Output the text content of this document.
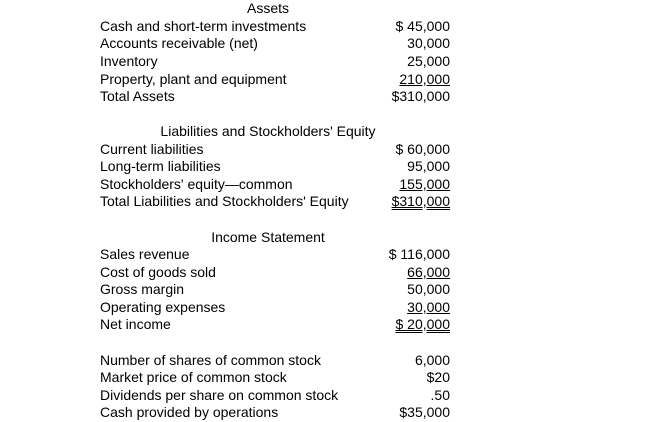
Assets
Cash and short-term investments	$ 45,000
Accounts receivable (net)	30,000
Inventory	25,000
Property, plant and equipment	210,000
Total Assets	$310,000
Liabilities and Stockholders' Equity
Current liabilities	$ 60,000
Long-term liabilities	95,000
Stockholders' equity—common	155,000
Total Liabilities and Stockholders' Equity	$310,000
Income Statement
Sales revenue	$ 116,000
Cost of goods sold	66,000
Gross margin	50,000
Operating expenses	30,000
Net income	$ 20,000
Number of shares of common stock	6,000
Market price of common stock	$20
Dividends per share on common stock	.50
Cash provided by operations	$35,000
